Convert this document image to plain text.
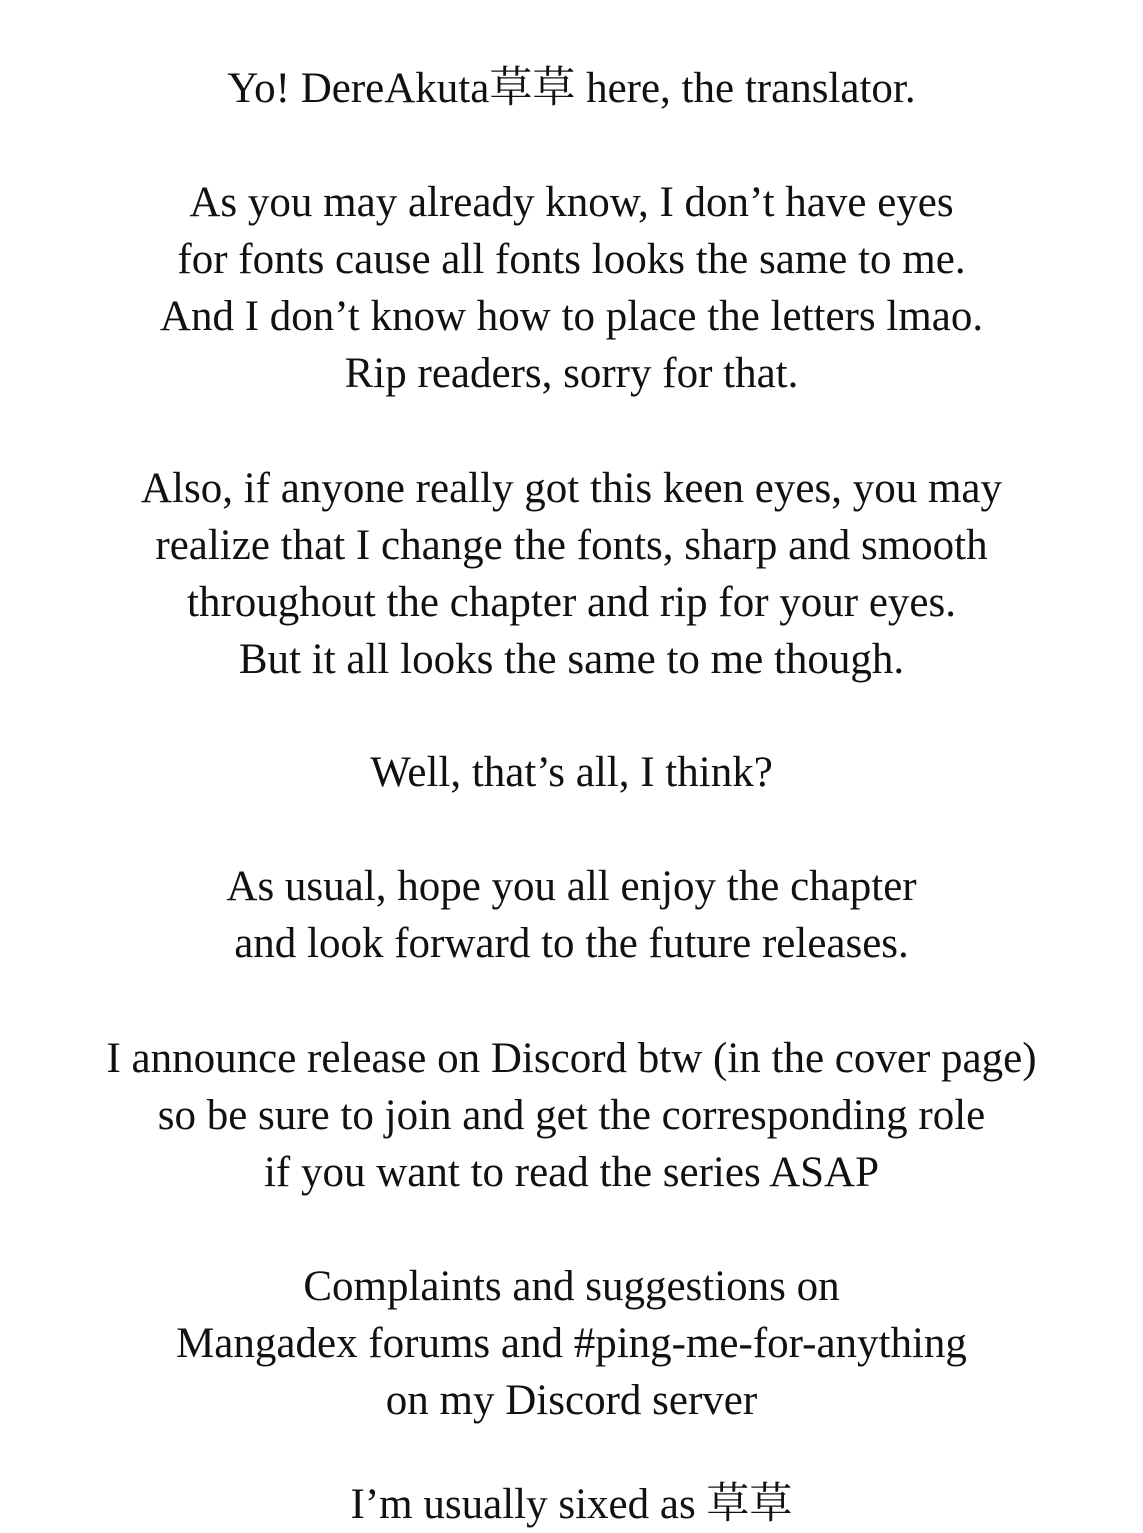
Yo! DereAkuta草草 here, the translator.
As you may already know, I don’t have eyes
for fonts cause all fonts looks the same to me.
And I don’t know how to place the letters lmao.
Rip readers, sorry for that.
Also, if anyone really got this keen eyes, you may
realize that I change the fonts, sharp and smooth
throughout the chapter and rip for your eyes.
But it all looks the same to me though.
Well, that’s all, I think?
As usual, hope you all enjoy the chapter
and look forward to the future releases.
I announce release on Discord btw (in the cover page)
so be sure to join and get the corresponding role
if you want to read the series ASAP
Complaints and suggestions on
Mangadex forums and #ping-me-for-anything
on my Discord server
I’m usually sixed as 草草
